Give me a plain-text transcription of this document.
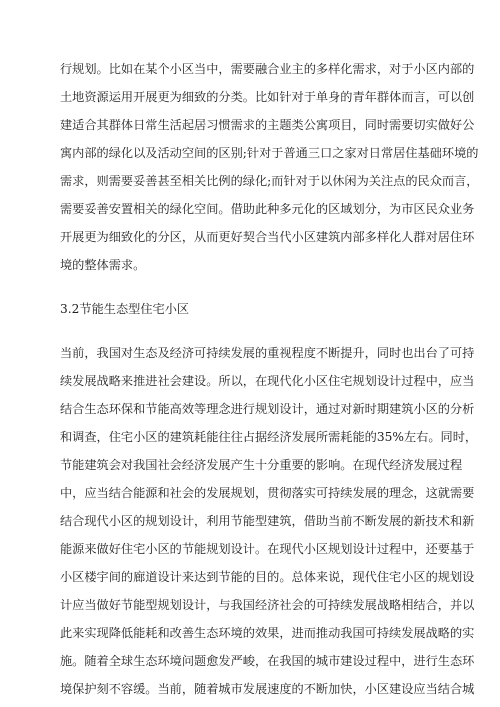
行规划。比如在某个小区当中，需要融合业主的多样化需求，对于小区内部的
土地资源运用开展更为细致的分类。比如针对于单身的青年群体而言，可以创
建适合其群体日常生活起居习惯需求的主题类公寓项目，同时需要切实做好公
寓内部的绿化以及活动空间的区别;针对于普通三口之家对日常居住基础环境的
需求，则需要妥善甚至相关比例的绿化;而针对于以休闲为关注点的民众而言，
需要妥善安置相关的绿化空间。借助此种多元化的区域划分，为市区民众业务
开展更为细致化的分区，从而更好契合当代小区建筑内部多样化人群对居住环
境的整体需求。
3.2节能生态型住宅小区
当前，我国对生态及经济可持续发展的重视程度不断提升，同时也出台了可持
续发展战略来推进社会建设。所以，在现代化小区住宅规划设计过程中，应当
结合生态环保和节能高效等理念进行规划设计，通过对新时期建筑小区的分析
和调查，住宅小区的建筑耗能往往占据经济发展所需耗能的35%左右。同时，
节能建筑会对我国社会经济发展产生十分重要的影响。在现代经济发展过程
中，应当结合能源和社会的发展规划，贯彻落实可持续发展的理念，这就需要
结合现代小区的规划设计，利用节能型建筑，借助当前不断发展的新技术和新
能源来做好住宅小区的节能规划设计。在现代小区规划设计过程中，还要基于
小区楼宇间的廊道设计来达到节能的目的。总体来说，现代住宅小区的规划设
计应当做好节能型规划设计，与我国经济社会的可持续发展战略相结合，并以
此来实现降低能耗和改善生态环境的效果，进而推动我国可持续发展战略的实
施。随着全球生态环境问题愈发严峻，在我国的城市建设过程中，进行生态环
境保护刻不容缓。当前，随着城市发展速度的不断加快，小区建设应当结合城
